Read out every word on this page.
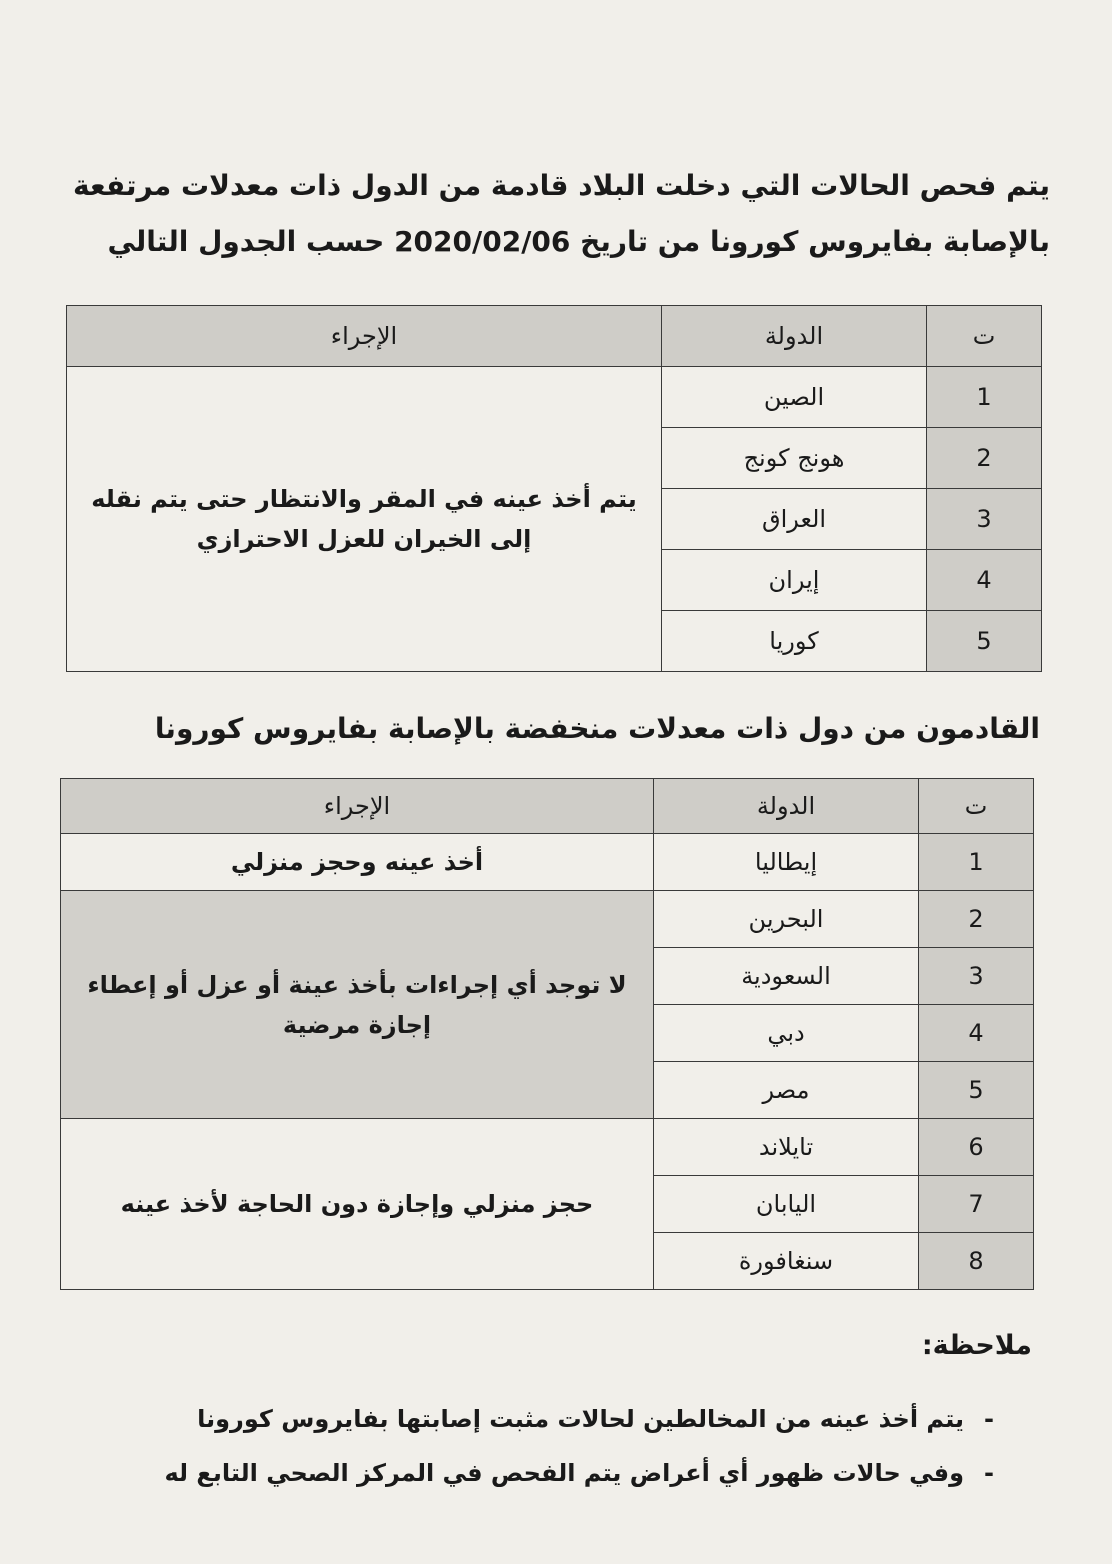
يتم فحص الحالات التي دخلت البلاد قادمة من الدول ذات معدلات مرتفعة
بالإصابة بفايروس كورونا من تاريخ 2020/02/06 حسب الجدول التالي
ت	الدولة	الإجراء
1	الصين	يتم أخذ عينه في المقر والانتظار حتى يتم نقله إلى الخيران للعزل الاحترازي

2	هونج كونج	
3	العراق	
4	إيران	
5	كوريا	
القادمون من دول ذات معدلات منخفضة بالإصابة بفايروس كورونا
ت	الدولة	الإجراء
1	إيطاليا	أخذ عينه وحجز منزلي

2	البحرين	لا توجد أي إجراءات بأخذ عينة أو عزل أو إعطاء إجازة مرضية

3	السعودية	
4	دبي	
5	مصر	
6	تايلاند	حجز منزلي وإجازة دون الحاجة لأخذ عينه

7	اليابان	
8	سنغافورة	
ملاحظة:
-يتم أخذ عينه من المخالطين لحالات مثبت إصابتها بفايروس كورونا
-وفي حالات ظهور أي أعراض يتم الفحص في المركز الصحي التابع له
